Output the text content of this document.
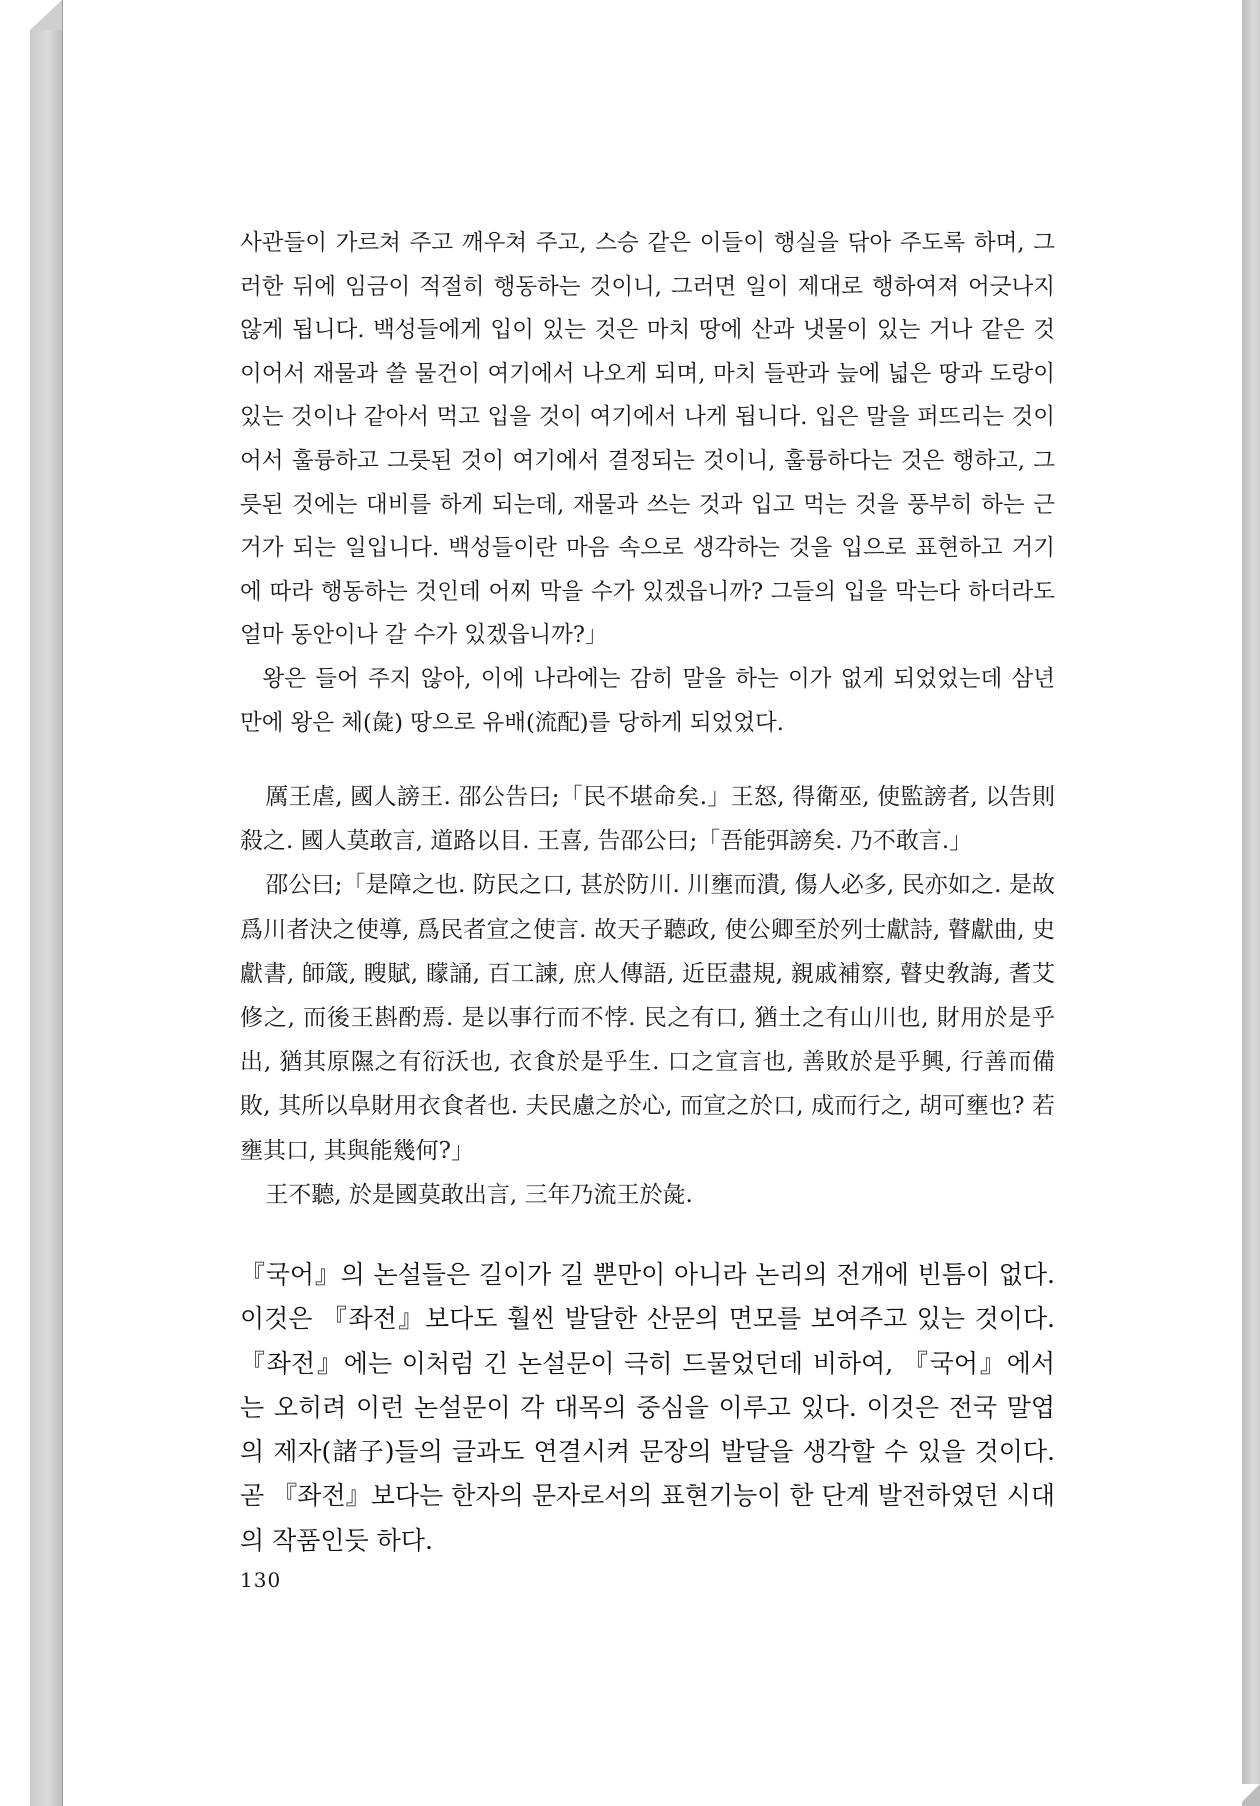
사관들이 가르쳐 주고 깨우쳐 주고, 스승 같은 이들이 행실을 닦아 주도록 하며, 그러한 뒤에 임금이 적절히 행동하는 것이니, 그러면 일이 제대로 행하여져 어긋나지 않게 됩니다. 백성들에게 입이 있는 것은 마치 땅에 산과 냇물이 있는 거나 같은 것이어서 재물과 쓸 물건이 여기에서 나오게 되며, 마치 들판과 늪에 넓은 땅과 도랑이 있는 것이나 같아서 먹고 입을 것이 여기에서 나게 됩니다. 입은 말을 퍼뜨리는 것이어서 훌륭하고 그릇된 것이 여기에서 결정되는 것이니, 훌륭하다는 것은 행하고, 그릇된 것에는 대비를 하게 되는데, 재물과 쓰는 것과 입고 먹는 것을 풍부히 하는 근거가 되는 일입니다. 백성들이란 마음 속으로 생각하는 것을 입으로 표현하고 거기에 따라 행동하는 것인데 어찌 막을 수가 있겠읍니까? 그들의 입을 막는다 하더라도 얼마 동안이나 갈 수가 있겠읍니까?」
왕은 들어 주지 않아, 이에 나라에는 감히 말을 하는 이가 없게 되었었는데 삼년 만에 왕은 체(彘) 땅으로 유배(流配)를 당하게 되었었다.
厲王虐, 國人謗王. 邵公告曰;「民不堪命矣.」王怒, 得衛巫, 使監謗者, 以告則殺之. 國人莫敢言, 道路以目. 王喜, 告邵公曰;「吾能弭謗矣. 乃不敢言.」
邵公曰;「是障之也. 防民之口, 甚於防川. 川壅而潰, 傷人必多, 民亦如之. 是故爲川者決之使導, 爲民者宣之使言. 故天子聽政, 使公卿至於列士獻詩, 瞽獻曲, 史獻書, 師箴, 瞍賦, 矇誦, 百工諫, 庶人傳語, 近臣盡規, 親戚補察, 瞽史敎誨, 耆艾修之, 而後王斟酌焉. 是以事行而不悖. 民之有口, 猶土之有山川也, 財用於是乎出, 猶其原隰之有衍沃也, 衣食於是乎生. 口之宣言也, 善敗於是乎興, 行善而備敗, 其所以阜財用衣食者也. 夫民慮之於心, 而宣之於口, 成而行之, 胡可壅也? 若壅其口, 其與能幾何?」
王不聽, 於是國莫敢出言, 三年乃流王於彘.
『국어』의 논설들은 길이가 길 뿐만이 아니라 논리의 전개에 빈틈이 없다. 이것은 『좌전』보다도 훨씬 발달한 산문의 면모를 보여주고 있는 것이다. 『좌전』에는 이처럼 긴 논설문이 극히 드물었던데 비하여, 『국어』에서는 오히려 이런 논설문이 각 대목의 중심을 이루고 있다. 이것은 전국 말엽의 제자(諸子)들의 글과도 연결시켜 문장의 발달을 생각할 수 있을 것이다. 곧 『좌전』보다는 한자의 문자로서의 표현기능이 한 단계 발전하였던 시대의 작품인듯 하다.
130
